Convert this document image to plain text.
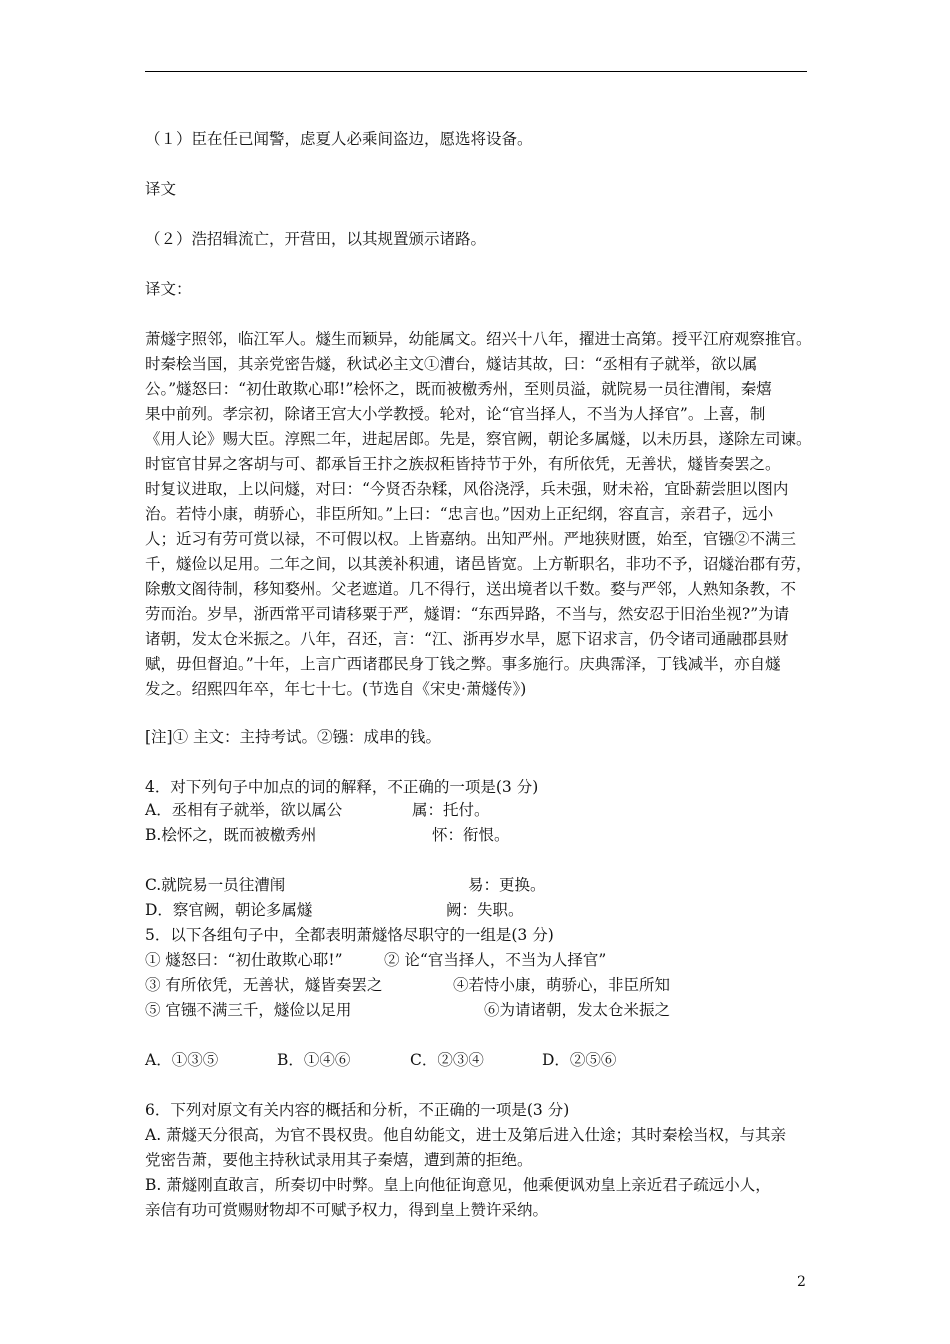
（１）臣在任已闻警，虑夏人必乘间盗边，愿选将设备。
译文
（２）浩招辑流亡，开营田，以其规置颁示诸路。
译文：
萧燧字照邻，临江军人。燧生而颖异，幼能属文。绍兴十八年，擢进士高第。授平江府观察推官。
时秦桧当国，其亲党密告燧，秋试必主文①漕台，燧诘其故，曰：“丞相有子就举，欲以属
公。”燧怒曰：“初仕敢欺心耶!”桧怀之，既而被檄秀州，至则员溢，就院易一员往漕闱，秦熺
果中前列。孝宗初，除诸王宫大小学教授。轮对，论“官当择人，不当为人择官”。上喜，制
《用人论》赐大臣。淳熙二年，进起居郎。先是，察官阙，朝论多属燧，以未历县，遂除左司谏。
时宦官甘昇之客胡与可、都承旨王抃之族叔秬皆持节于外，有所依凭，无善状，燧皆奏罢之。
时复议进取，上以问燧，对曰：“今贤否杂糅，风俗浇浮，兵未强，财未裕，宜卧薪尝胆以图内
治。若恃小康，萌骄心，非臣所知。”上曰：“忠言也。”因劝上正纪纲，容直言，亲君子，远小
人；近习有劳可赏以禄，不可假以权。上皆嘉纳。出知严州。严地狭财匮，始至，官镪②不满三
千，燧俭以足用。二年之间，以其羡补积逋，诸邑皆宽。上方靳职名，非功不予，诏燧治郡有劳，
除敷文阁待制，移知婺州。父老遮道。几不得行，送出境者以千数。婺与严邻，人熟知条教，不
劳而治。岁旱，浙西常平司请移粟于严，燧谓：“东西异路，不当与，然安忍于旧治坐视?”为请
诸朝，发太仓米振之。八年，召还，言：“江、浙再岁水旱，愿下诏求言，仍令诸司通融郡县财
赋，毋但督迫。”十年，上言广西诸郡民身丁钱之弊。事多施行。庆典霈泽，丁钱减半，亦自燧
发之。绍熙四年卒，年七十七。(节选自《宋史·萧燧传》)
[注]① 主文：主持考试。②镪：成串的钱。
4．对下列句子中加点的词的解释，不正确的一项是(3 分)
A．丞相有子就举，欲以属公	属：托付。
B.桧怀之，既而被檄秀州	怀：衔恨。
C.就院易一员往漕闱	易：更换。
D．察官阙，朝论多属燧	阙：失职。
5．以下各组句子中，全都表明萧燧恪尽职守的一组是(3 分)
① 燧怒曰：“初仕敢欺心耶!”	② 论“官当择人，不当为人择官”
③ 有所依凭，无善状，燧皆奏罢之	④若恃小康，萌骄心，非臣所知
⑤ 官镪不满三千，燧俭以足用	⑥为请诸朝，发太仓米振之
A．①③⑤	B．①④⑥	C．②③④	D．②⑤⑥
6．下列对原文有关内容的概括和分析，不正确的一项是(3 分)
A. 萧燧天分很高，为官不畏权贵。他自幼能文，进士及第后进入仕途；其时秦桧当权，与其亲
党密告萧，要他主持秋试录用其子秦熺，遭到萧的拒绝。
B. 萧燧刚直敢言，所奏切中时弊。皇上向他征询意见，他乘便讽劝皇上亲近君子疏远小人，
亲信有功可赏赐财物却不可赋予权力，得到皇上赞许采纳。
2
